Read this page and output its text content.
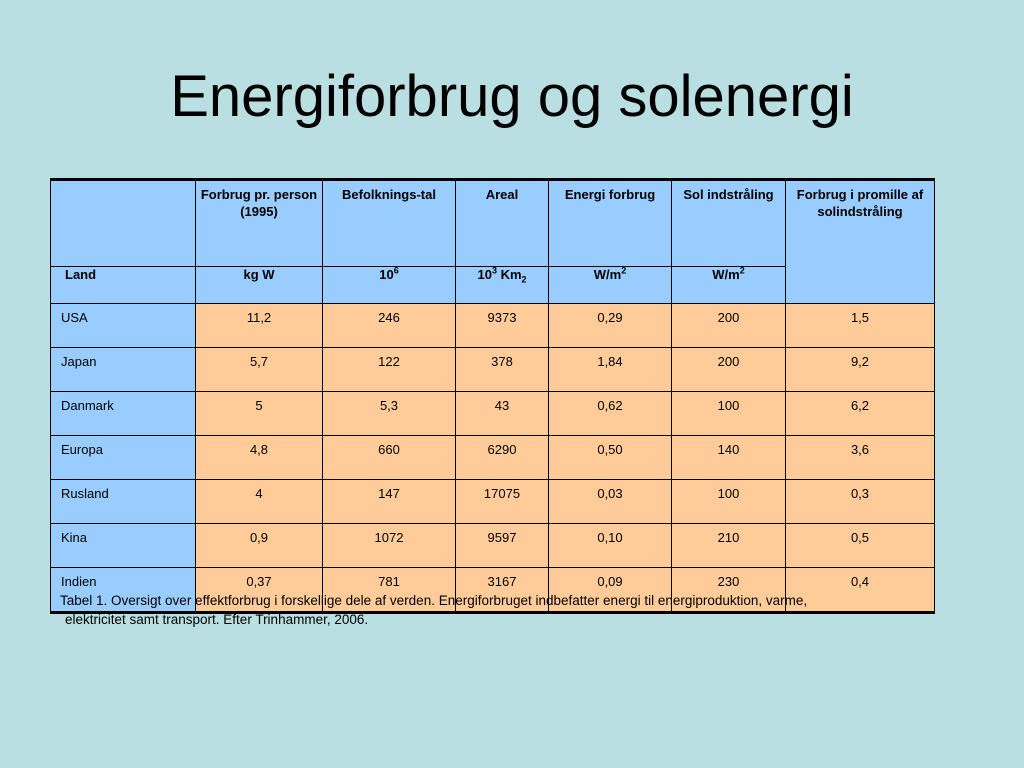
Energiforbrug og solenergi

	Forbrug pr. person (1995)	Befolknings-tal	Areal	Energi forbrug	Sol indstråling	Forbrug i promille af solindstråling

Land	kg W	$10^6$	$10^3$ $Km_2$	$W/m^2$	$W/m^2$
USA	11,2	246	9373	0,29	200	1,5
Japan	5,7	122	378	1,84	200	9,2
Danmark	5	5,3	43	0,62	100	6,2
Europa	4,8	660	6290	0,50	140	3,6
Rusland	4	147	17075	0,03	100	0,3
Kina	0,9	1072	9597	0,10	210	0,5
Indien	0,37	781	3167	0,09	230	0,4
Tabel 1. Oversigt over effektforbrug i forskellige dele af verden. Energiforbruget indbefatter energi til energiproduktion, varme,
elektricitet samt transport. Efter Trinhammer, 2006.
